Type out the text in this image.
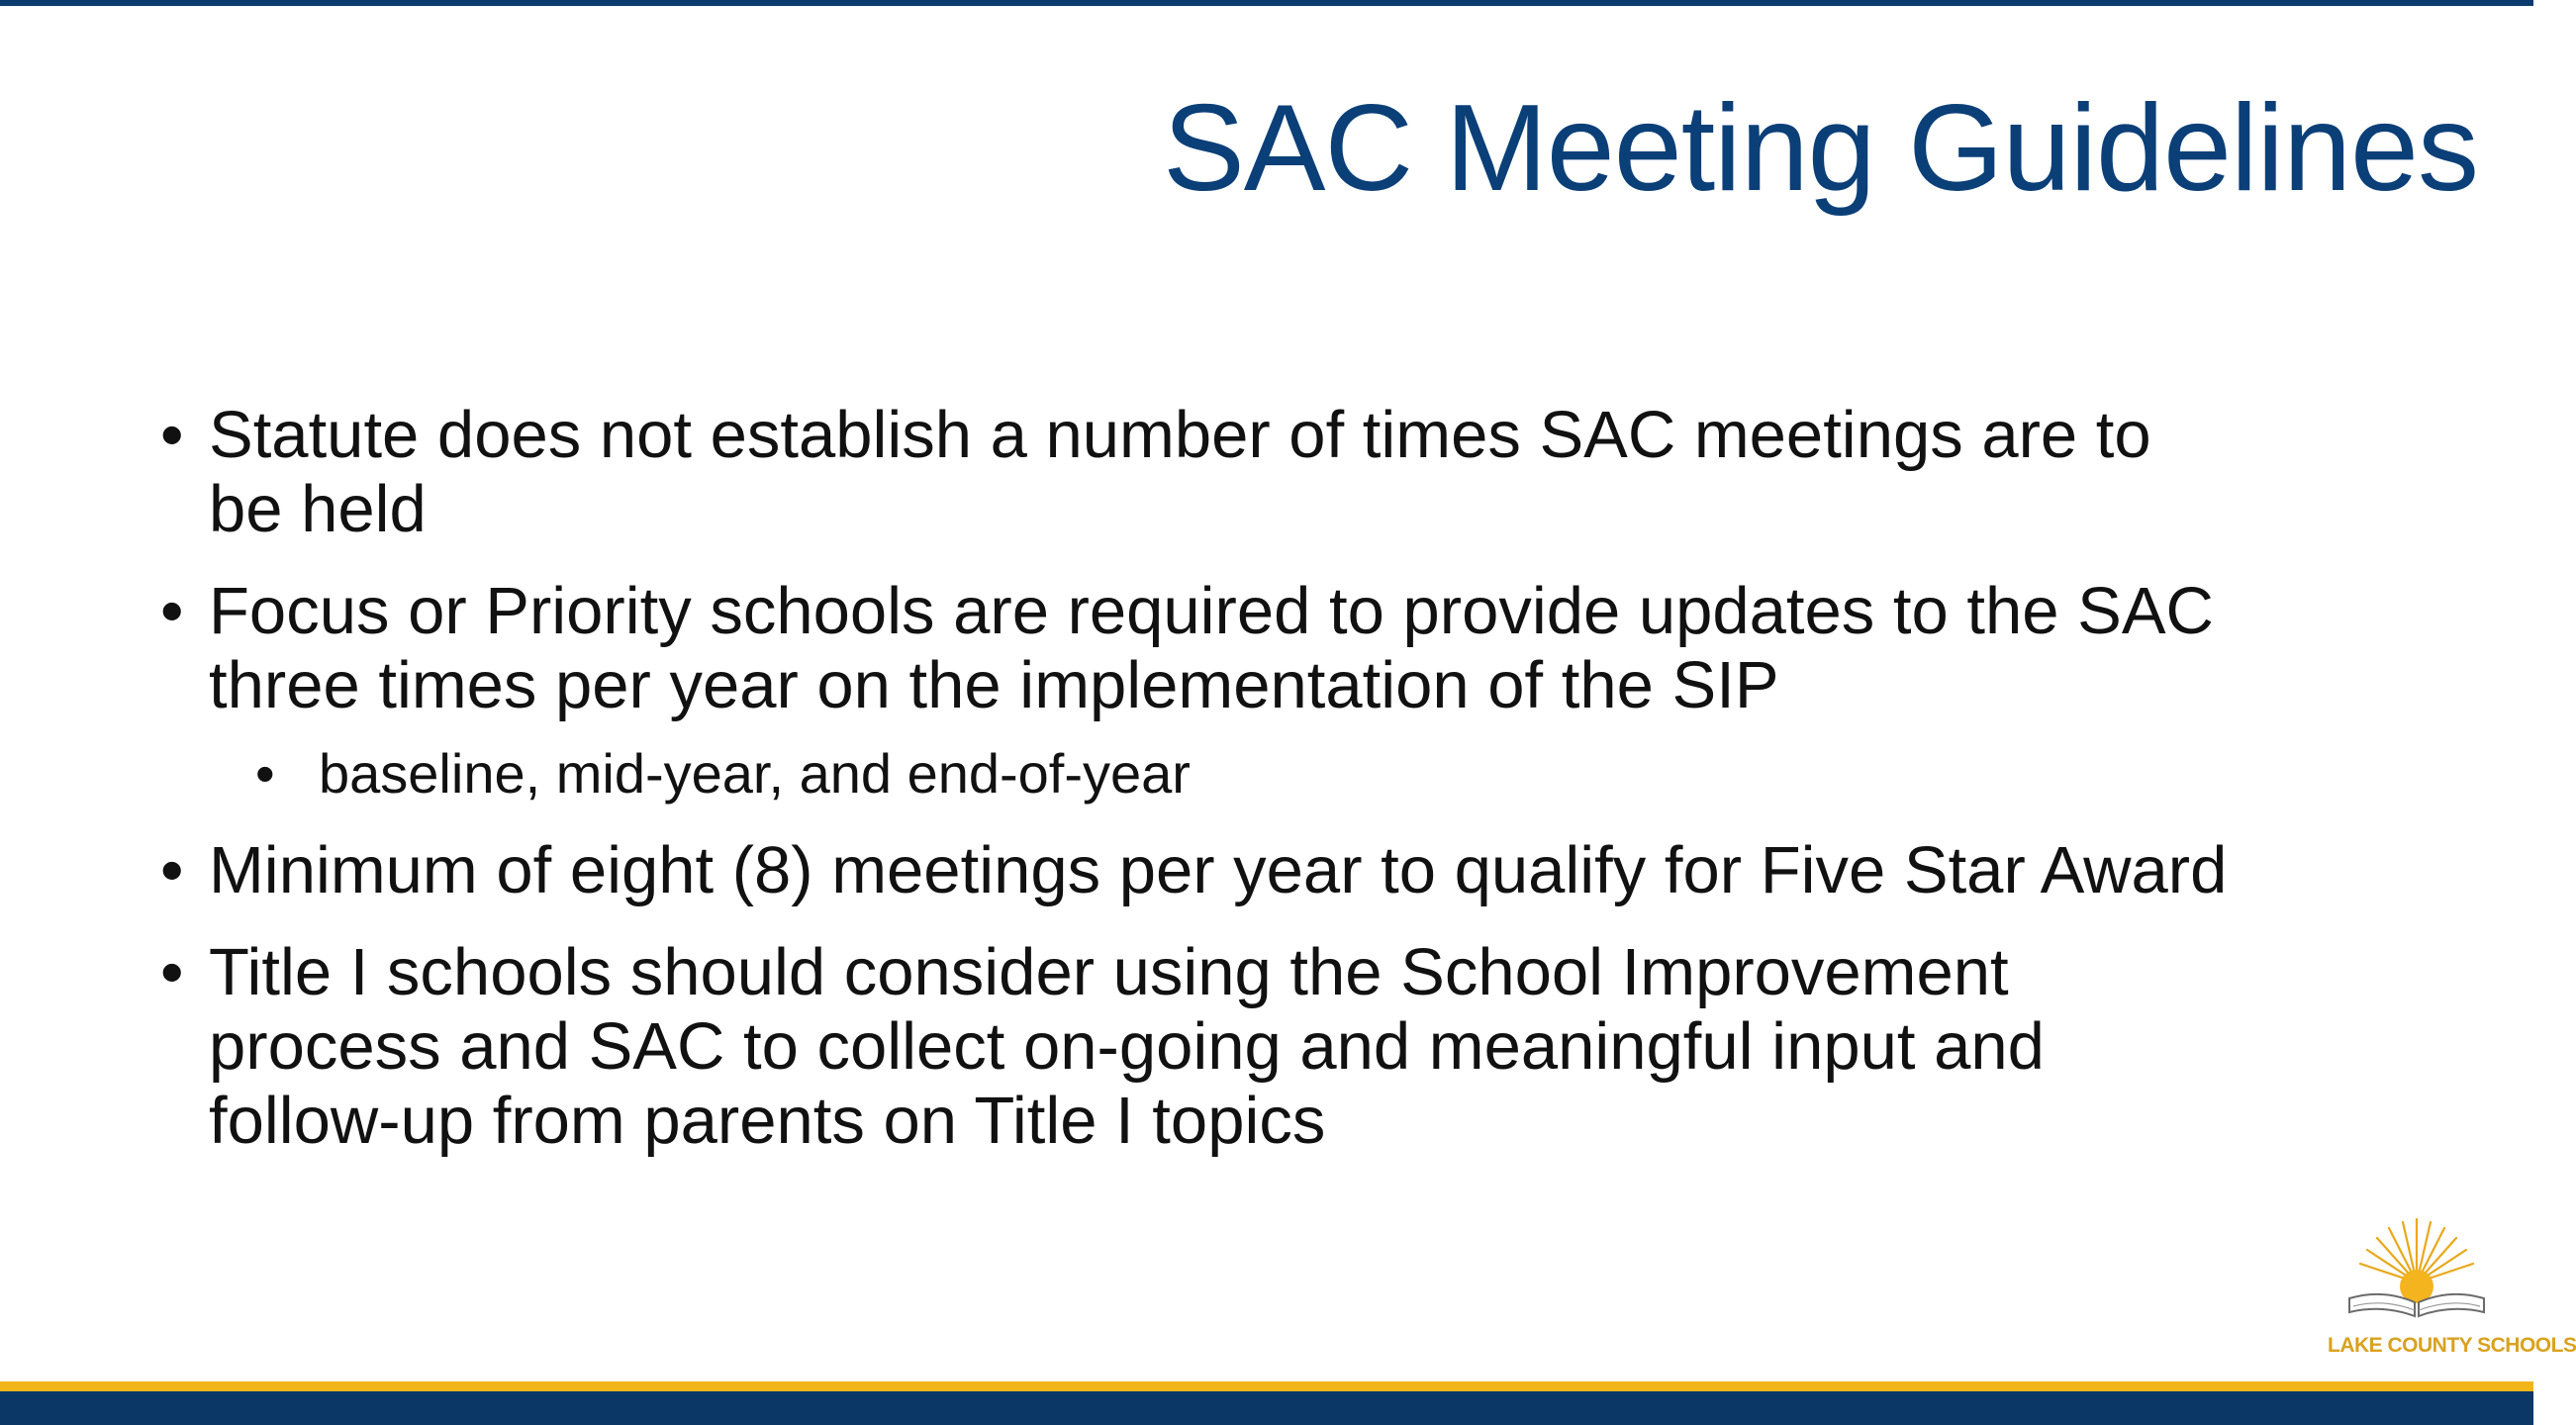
SAC Meeting Guidelines
• Statute does not establish a number of times SAC meetings are to be held
• Focus or Priority schools are required to provide updates to the SAC three times per year on the implementation of the SIP
• baseline, mid-year, and end-of-year
• Minimum of eight (8) meetings per year to qualify for Five Star Award
• Title I schools should consider using the School Improvement process and SAC to collect on-going and meaningful input and follow-up from parents on Title I topics
LAKE COUNTY SCHOOLS
